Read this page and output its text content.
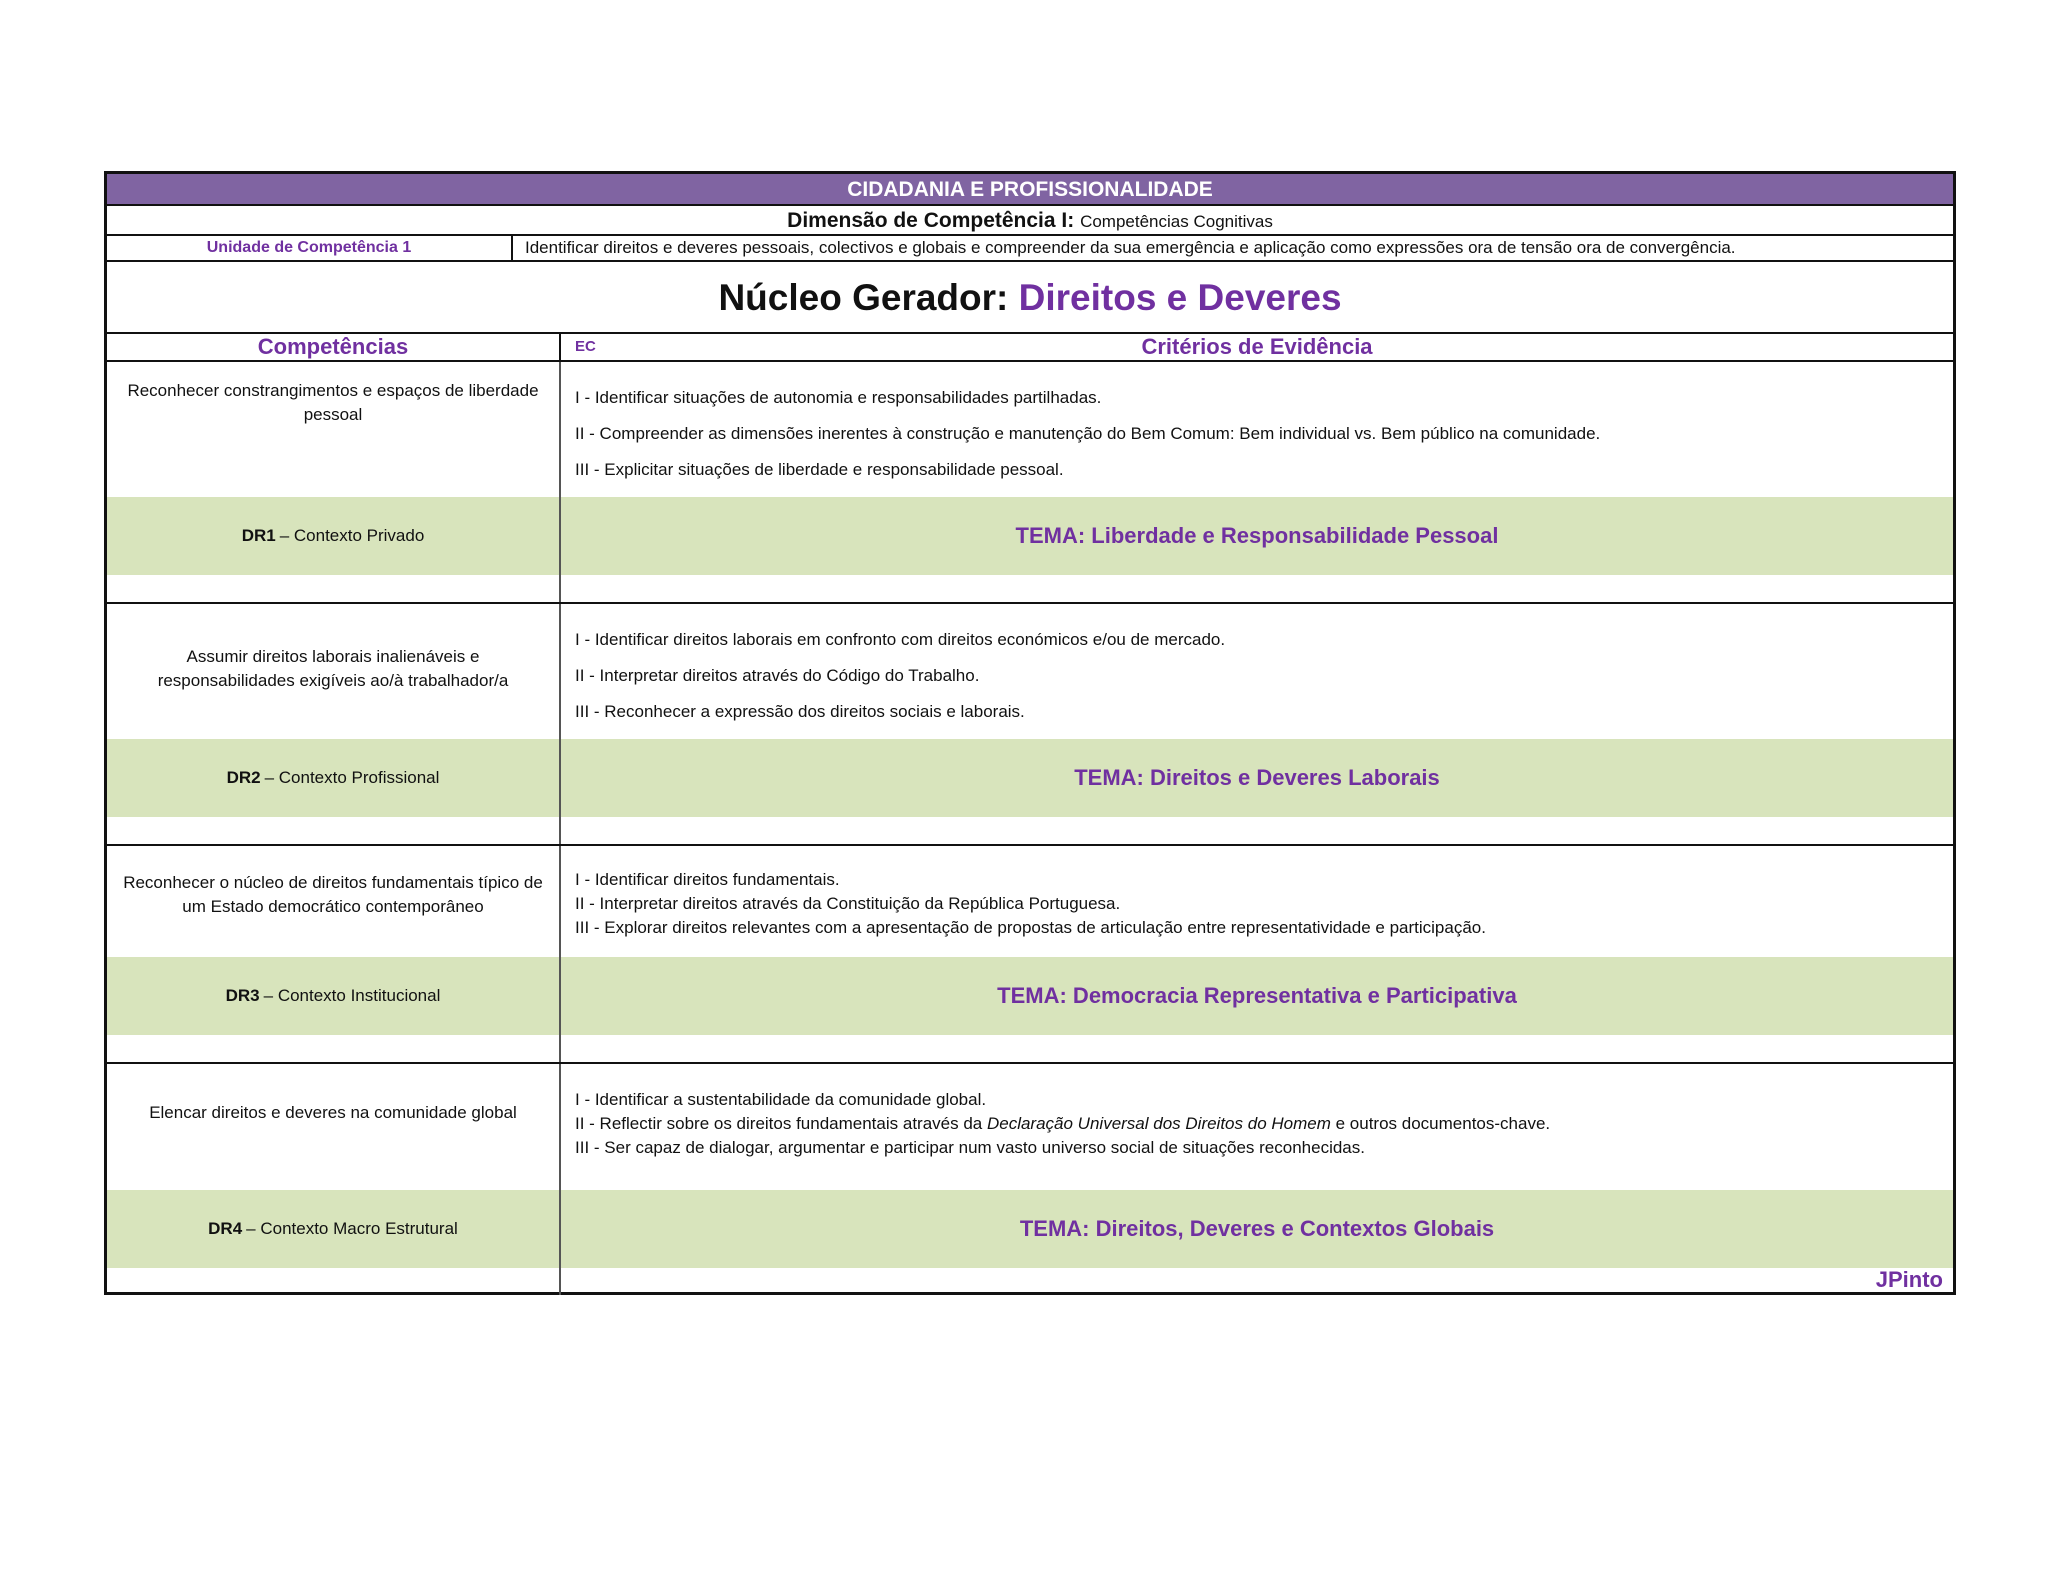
CIDADANIA E PROFISSIONALIDADE
Dimensão de Competência I: Competências Cognitivas
Unidade de Competência 1	Identificar direitos e deveres pessoais, colectivos e globais e compreender da sua emergência e aplicação como expressões ora de tensão ora de convergência.
Núcleo Gerador: Direitos e Deveres
Competências	EC	Critérios de Evidência
Reconhecer constrangimentos e espaços de liberdade pessoal
I - Identificar situações de autonomia e responsabilidades partilhadas.
II - Compreender as dimensões inerentes à construção e manutenção do Bem Comum: Bem individual vs. Bem público na comunidade.
III - Explicitar situações de liberdade e responsabilidade pessoal.
DR1 – Contexto Privado	TEMA: Liberdade e Responsabilidade Pessoal
Assumir direitos laborais inalienáveis e responsabilidades exigíveis ao/à trabalhador/a
I - Identificar direitos laborais em confronto com direitos económicos e/ou de mercado.
II - Interpretar direitos através do Código do Trabalho.
III - Reconhecer a expressão dos direitos sociais e laborais.
DR2 – Contexto Profissional	TEMA: Direitos e Deveres Laborais
Reconhecer o núcleo de direitos fundamentais típico de um Estado democrático contemporâneo
I - Identificar direitos fundamentais.
II - Interpretar direitos através da Constituição da República Portuguesa.
III - Explorar direitos relevantes com a apresentação de propostas de articulação entre representatividade e participação.
DR3 – Contexto Institucional	TEMA: Democracia Representativa e Participativa
Elencar direitos e deveres na comunidade global
I - Identificar a sustentabilidade da comunidade global.
II - Reflectir sobre os direitos fundamentais através da Declaração Universal dos Direitos do Homem e outros documentos-chave.
III - Ser capaz de dialogar, argumentar e participar num vasto universo social de situações reconhecidas.
DR4 – Contexto Macro Estrutural	TEMA: Direitos, Deveres e Contextos Globais
JPinto
